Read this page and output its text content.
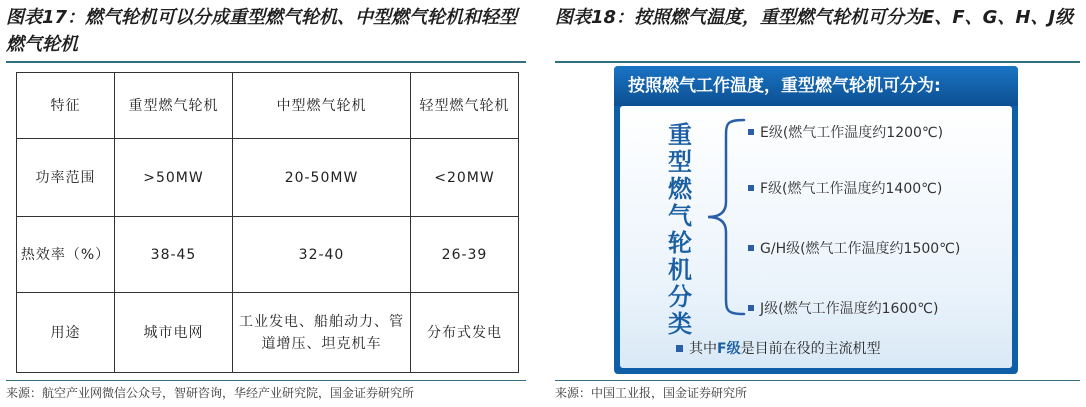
图表17：燃气轮机可以分成重型燃气轮机、中型燃气轮机和轻型燃气轮机
特征	重型燃气轮机	中型燃气轮机	轻型燃气轮机
功率范围	>50MW	20-50MW	<20MW
热效率（%）	38-45	32-40	26-39
用途	城市电网	工业发电、船舶动力、管道增压、坦克机车	分布式发电
来源：航空产业网微信公众号，智研咨询，华经产业研究院，国金证券研究所
图表18：按照燃气温度，重型燃气轮机可分为E、F、G、H、J级
按照燃气工作温度，重型燃气轮机可分为:
重型燃气轮机分类
E级(燃气工作温度约1200℃)
F级(燃气工作温度约1400℃)
G/H级(燃气工作温度约1500℃)
J级(燃气工作温度约1600℃)
其中F级是目前在役的主流机型
来源：中国工业报，国金证券研究所
